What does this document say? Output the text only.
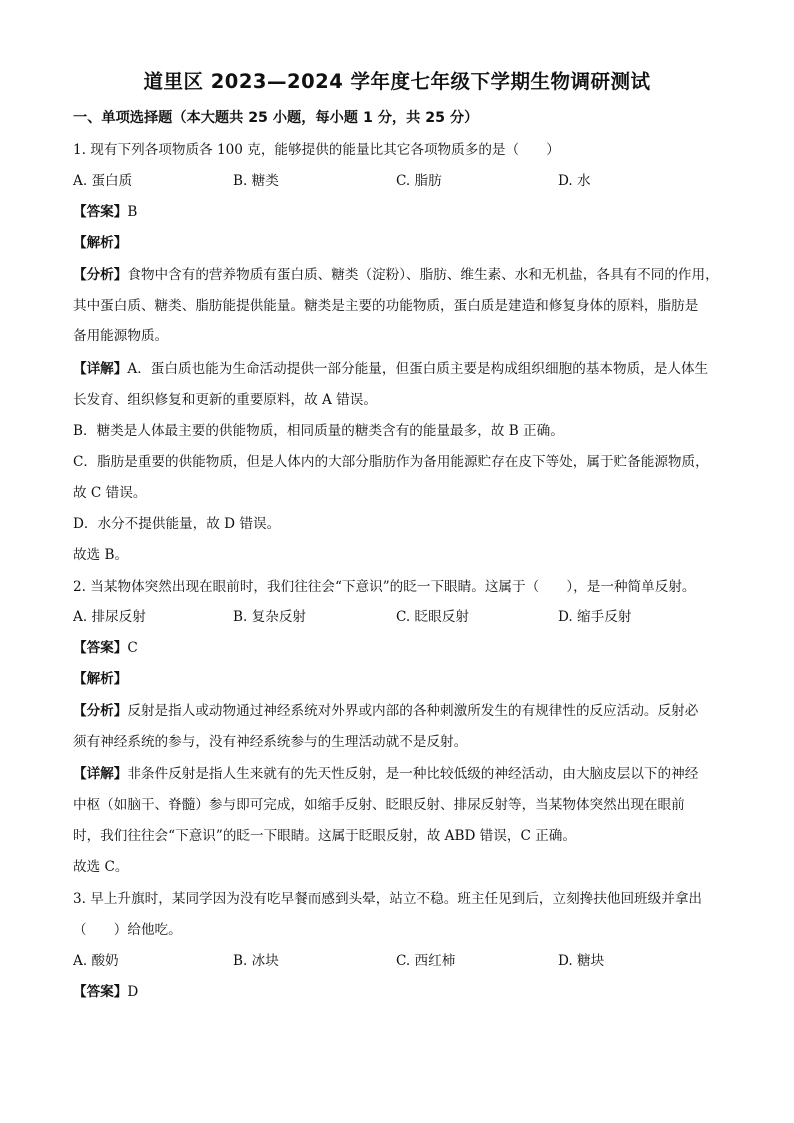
道里区 2023—2024 学年度七年级下学期生物调研测试
一、单项选择题（本大题共 25 小题，每小题 1 分，共 25 分）
1. 现有下列各项物质各 100 克，能够提供的能量比其它各项物质多的是（　　）
A. 蛋白质	B. 糖类	C. 脂肪	D. 水
【答案】B
【解析】
【分析】食物中含有的营养物质有蛋白质、糖类（淀粉）、脂肪、维生素、水和无机盐，各具有不同的作用，
其中蛋白质、糖类、脂肪能提供能量。糖类是主要的功能物质，蛋白质是建造和修复身体的原料，脂肪是
备用能源物质。
【详解】A．蛋白质也能为生命活动提供一部分能量，但蛋白质主要是构成组织细胞的基本物质，是人体生
长发育、组织修复和更新的重要原料，故 A 错误。
B．糖类是人体最主要的供能物质，相同质量的糖类含有的能量最多，故 B 正确。
C．脂肪是重要的供能物质，但是人体内的大部分脂肪作为备用能源贮存在皮下等处，属于贮备能源物质，
故 C 错误。
D．水分不提供能量，故 D 错误。
故选 B。
2. 当某物体突然出现在眼前时，我们往往会“下意识”的眨一下眼睛。这属于（　　），是一种简单反射。
A. 排尿反射	B. 复杂反射	C. 眨眼反射	D. 缩手反射
【答案】C
【解析】
【分析】反射是指人或动物通过神经系统对外界或内部的各种刺激所发生的有规律性的反应活动。反射必
须有神经系统的参与，没有神经系统参与的生理活动就不是反射。
【详解】非条件反射是指人生来就有的先天性反射，是一种比较低级的神经活动，由大脑皮层以下的神经
中枢（如脑干、脊髓）参与即可完成，如缩手反射、眨眼反射、排尿反射等，当某物体突然出现在眼前
时，我们往往会“下意识”的眨一下眼睛。这属于眨眼反射，故 ABD 错误，C 正确。
故选 C。
3. 早上升旗时，某同学因为没有吃早餐而感到头晕，站立不稳。班主任见到后，立刻搀扶他回班级并拿出
（　　）给他吃。
A. 酸奶	B. 冰块	C. 西红柿	D. 糖块
【答案】D
